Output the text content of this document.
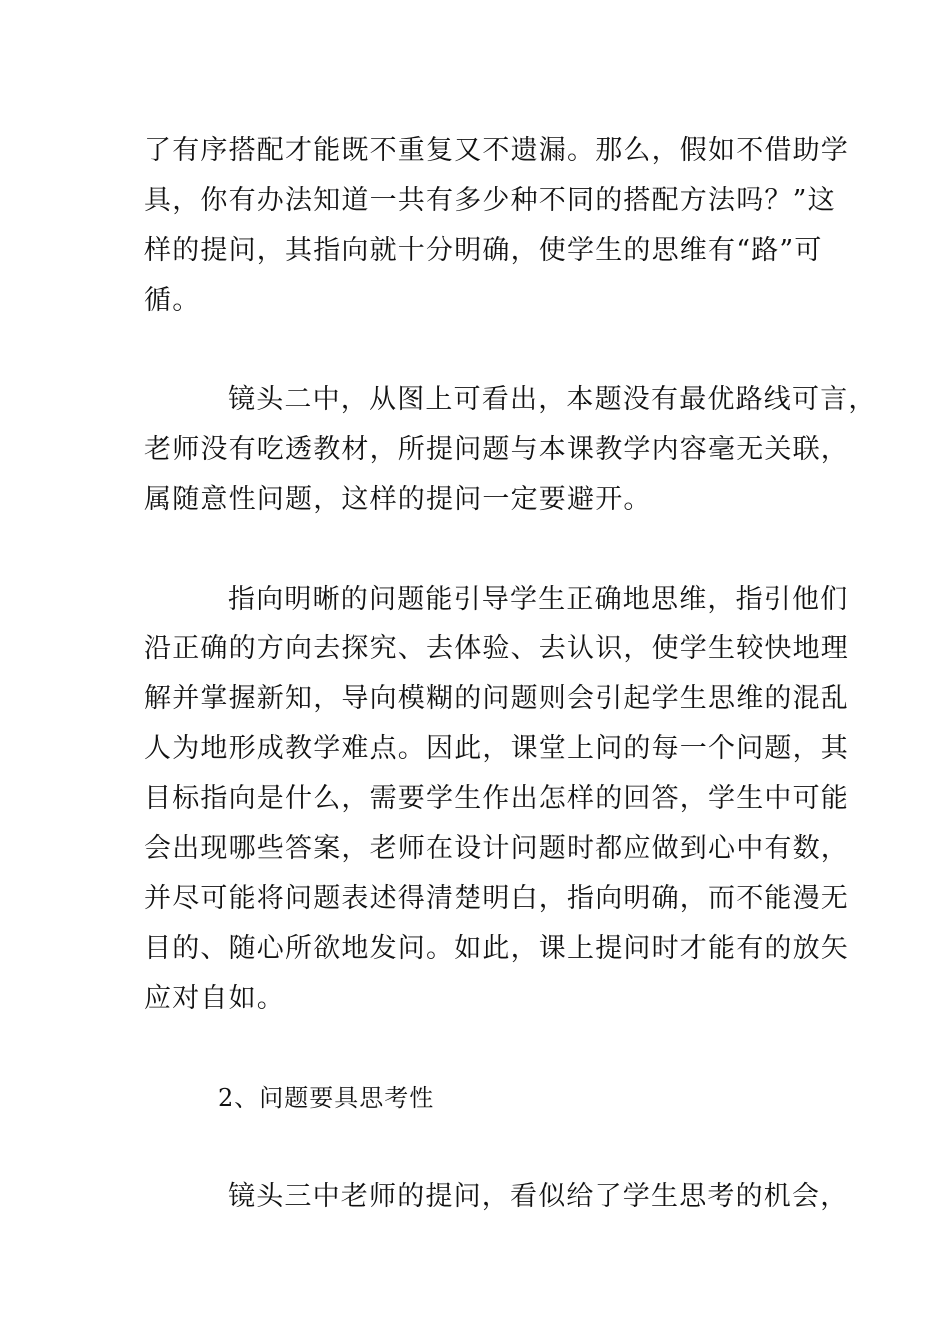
了有序搭配才能既不重复又不遗漏。那么，假如不借助学
具，你有办法知道一共有多少种不同的搭配方法吗？”这
样的提问，其指向就十分明确，使学生的思维有“路”可
循。
镜头二中，从图上可看出，本题没有最优路线可言，
老师没有吃透教材，所提问题与本课教学内容毫无关联，
属随意性问题，这样的提问一定要避开。
指向明晰的问题能引导学生正确地思维，指引他们
沿正确的方向去探究、去体验、去认识，使学生较快地理
解并掌握新知，导向模糊的问题则会引起学生思维的混乱
人为地形成教学难点。因此，课堂上问的每一个问题，其
目标指向是什么，需要学生作出怎样的回答，学生中可能
会出现哪些答案，老师在设计问题时都应做到心中有数，
并尽可能将问题表述得清楚明白，指向明确，而不能漫无
目的、随心所欲地发问。如此，课上提问时才能有的放矢
应对自如。
2、问题要具思考性
镜头三中老师的提问，看似给了学生思考的机会，
